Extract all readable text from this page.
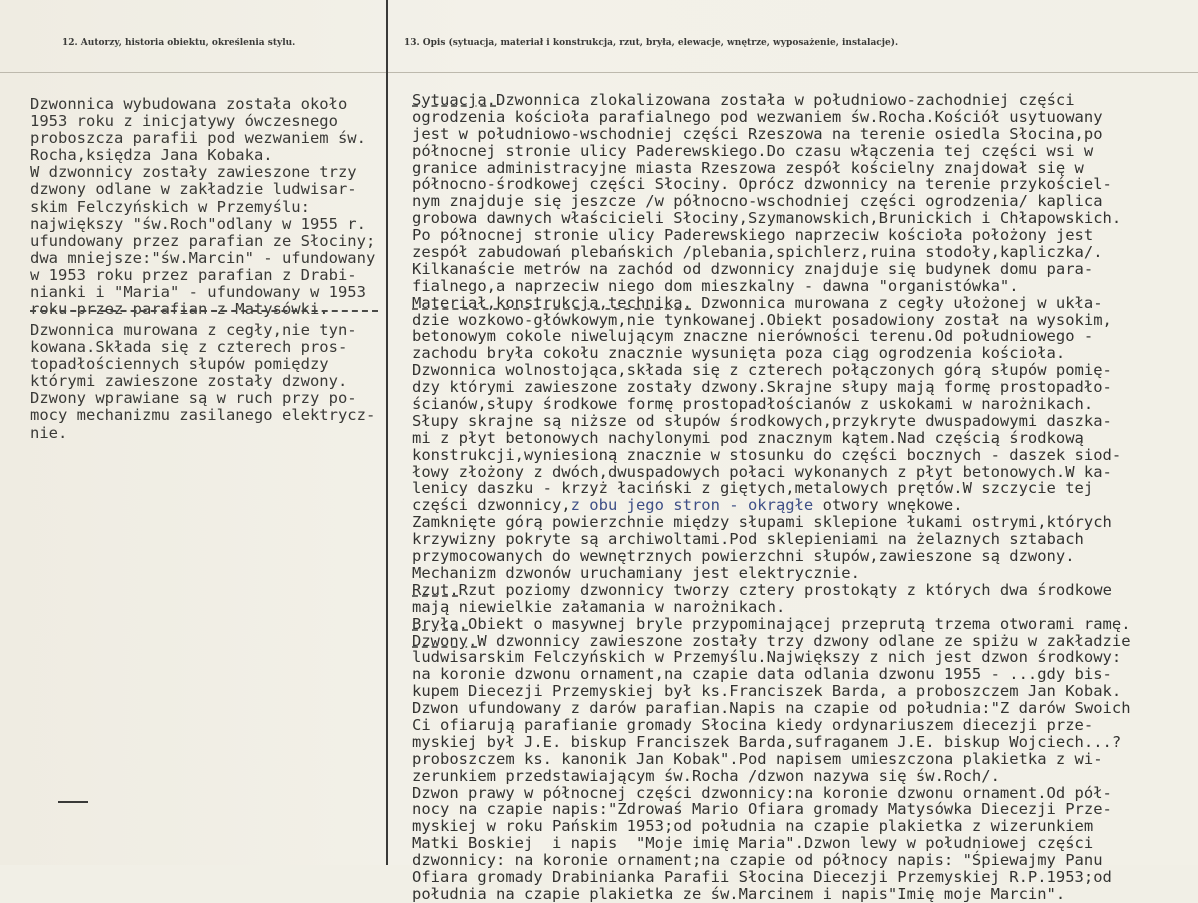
12. Autorzy, historia obiektu, określenia stylu.	13. Opis (sytuacja, materiał i konstrukcja, rzut, bryła, elewacje, wnętrze, wyposażenie, instalacje).
Dzwonnica wybudowana została około
1953 roku z inicjatywy ówczesnego
proboszcza parafii pod wezwaniem św.
Rocha,księdza Jana Kobaka.
W dzwonnicy zostały zawieszone trzy
dzwony odlane w zakładzie ludwisar-
skim Felczyńskich w Przemyślu:
największy "św.Roch"odlany w 1955 r.
ufundowany przez parafian ze Słociny;
dwa mniejsze:"św.Marcin" - ufundowany
w 1953 roku przez parafian z Drabi-
nianki i "Maria" - ufundowany w 1953
roku przez parafian z Matysówki.
Dzwonnica murowana z cegły,nie tyn-
kowana.Składa się z czterech pros-
topadłościennych słupów pomiędzy
którymi zawieszone zostały dzwony.
Dzwony wprawiane są w ruch przy po-
mocy mechanizmu zasilanego elektrycz-
nie.
Sytuacja.Dzwonnica zlokalizowana została w południowo-zachodniej części
ogrodzenia kościoła parafialnego pod wezwaniem św.Rocha.Kościół usytuowany
jest w południowo-wschodniej części Rzeszowa na terenie osiedla Słocina,po
północnej stronie ulicy Paderewskiego.Do czasu włączenia tej części wsi w
granice administracyjne miasta Rzeszowa zespół kościelny znajdował się w
północno-środkowej części Słociny. Oprócz dzwonnicy na terenie przykościel-
nym znajduje się jeszcze /w północno-wschodniej części ogrodzenia/ kaplica
grobowa dawnych właścicieli Słociny,Szymanowskich,Brunickich i Chłapowskich.
Po północnej stronie ulicy Paderewskiego naprzeciw kościoła położony jest
zespół zabudowań plebańskich /plebania,spichlerz,ruina stodoły,kapliczka/.
Kilkanaście metrów na zachód od dzwonnicy znajduje się budynek domu para-
fialnego,a naprzeciw niego dom mieszkalny - dawna "organistówka".
Materiał,konstrukcja,technika. Dzwonnica murowana z cegły ułożonej w ukła-
dzie wozkowo-główkowym,nie tynkowanej.Obiekt posadowiony został na wysokim,
betonowym cokole niwelującym znaczne nierówności terenu.Od południowego -
zachodu bryła cokołu znacznie wysunięta poza ciąg ogrodzenia kościoła.
Dzwonnica wolnostojąca,składa się z czterech połączonych górą słupów pomię-
dzy którymi zawieszone zostały dzwony.Skrajne słupy mają formę prostopadło-
ścianów,słupy środkowe formę prostopadłościanów z uskokami w narożnikach.
Słupy skrajne są niższe od słupów środkowych,przykryte dwuspadowymi daszka-
mi z płyt betonowych nachylonymi pod znacznym kątem.Nad częścią środkową
konstrukcji,wyniesioną znacznie w stosunku do części bocznych - daszek siod-
łowy złożony z dwóch,dwuspadowych połaci wykonanych z płyt betonowych.W ka-
lenicy daszku - krzyż łaciński z giętych,metalowych prętów.W szczycie tej
części dzwonnicy,z obu jego stron - okrągłe otwory wnękowe.
Zamknięte górą powierzchnie między słupami sklepione łukami ostrymi,których
krzywizny pokryte są archiwoltami.Pod sklepieniami na żelaznych sztabach
przymocowanych do wewnętrznych powierzchni słupów,zawieszone są dzwony.
Mechanizm dzwonów uruchamiany jest elektrycznie.
Rzut.Rzut poziomy dzwonnicy tworzy cztery prostokąty z których dwa środkowe
mają niewielkie załamania w narożnikach.
Bryła.Obiekt o masywnej bryle przypominającej przeprutą trzema otworami ramę.
Dzwony.W dzwonnicy zawieszone zostały trzy dzwony odlane ze spiżu w zakładzie
ludwisarskim Felczyńskich w Przemyślu.Największy z nich jest dzwon środkowy:
na koronie dzwonu ornament,na czapie data odlania dzwonu 1955 - ...gdy bis-
kupem Diecezji Przemyskiej był ks.Franciszek Barda, a proboszczem Jan Kobak.
Dzwon ufundowany z darów parafian.Napis na czapie od południa:"Z darów Swoich
Ci ofiarują parafianie gromady Słocina kiedy ordynariuszem diecezji prze-
myskiej był J.E. biskup Franciszek Barda,sufraganem J.E. biskup Wojciech...?
proboszczem ks. kanonik Jan Kobak".Pod napisem umieszczona plakietka z wi-
zerunkiem przedstawiającym św.Rocha /dzwon nazywa się św.Roch/.
Dzwon prawy w północnej części dzwonnicy:na koronie dzwonu ornament.Od pół-
nocy na czapie napis:"Zdrowaś Mario Ofiara gromady Matysówka Diecezji Prze-
myskiej w roku Pańskim 1953;od południa na czapie plakietka z wizerunkiem
Matki Boskiej  i napis  "Moje imię Maria".Dzwon lewy w południowej części
dzwonnicy: na koronie ornament;na czapie od północy napis: "Śpiewajmy Panu
Ofiara gromady Drabinianka Parafii Słocina Diecezji Przemyskiej R.P.1953;od
południa na czapie plakietka ze św.Marcinem i napis"Imię moje Marcin".
